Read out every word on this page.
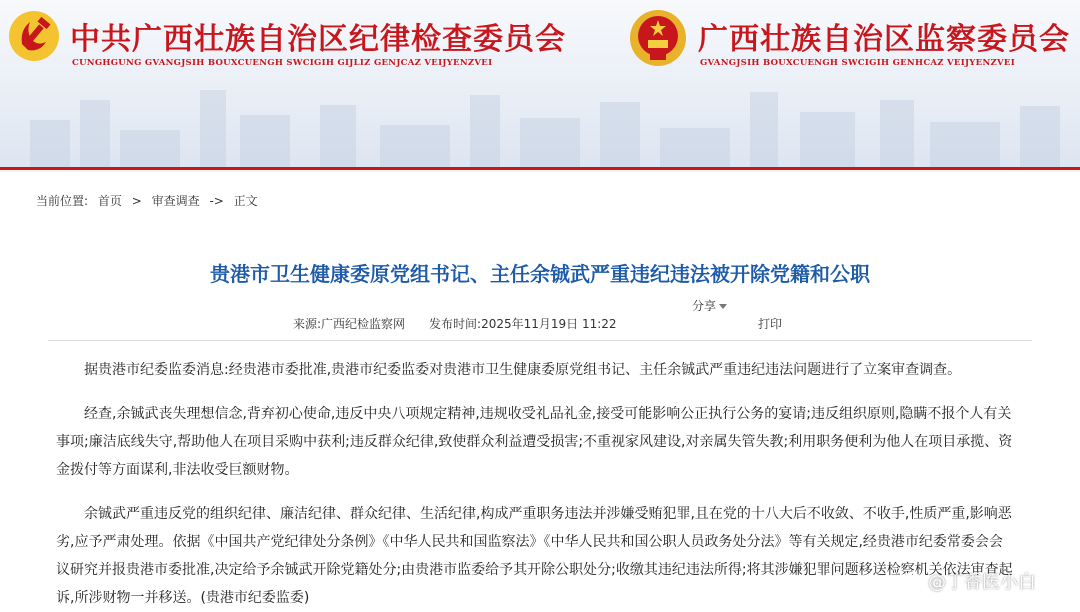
中共广西壮族自治区纪律检查委员会
CUNGHGUNG GVANGJSIH BOUXCUENGH SWCIGIH GIJLIZ GENJCAZ VEIJYENZVEI
广西壮族自治区监察委员会
GVANGJSIH BOUXCUENGH SWCIGIH GENHCAZ VEIJYENZVEI
当前位置: 首页 > 审查调查 -> 正文
贵港市卫生健康委原党组书记、主任余铖武严重违纪违法被开除党籍和公职
分享
来源:广西纪检监察网 发布时间:2025年11月19日 11:22	打印

据贵港市纪委监委消息:经贵港市委批准,贵港市纪委监委对贵港市卫生健康委原党组书记、主任余铖武严重违纪违法问题进行了立案审查调查。

经查,余铖武丧失理想信念,背弃初心使命,违反中央八项规定精神,违规收受礼品礼金,接受可能影响公正执行公务的宴请;违反组织原则,隐瞒不报个人有关事项;廉洁底线失守,帮助他人在项目采购中获利;违反群众纪律,致使群众利益遭受损害;不重视家风建设,对亲属失管失教;利用职务便利为他人在项目承揽、资金拨付等方面谋利,非法收受巨额财物。

余铖武严重违反党的组织纪律、廉洁纪律、群众纪律、生活纪律,构成严重职务违法并涉嫌受贿犯罪,且在党的十八大后不收敛、不收手,性质严重,影响恶劣,应予严肃处理。依据《中国共产党纪律处分条例》《中华人民共和国监察法》《中华人民共和国公职人员政务处分法》等有关规定,经贵港市纪委常委会会议研究并报贵港市委批准,决定给予余铖武开除党籍处分;由贵港市监委给予其开除公职处分;收缴其违纪违法所得;将其涉嫌犯罪问题移送检察机关依法审查起诉,所涉财物一并移送。(贵港市纪委监委)

@丁香医小白
